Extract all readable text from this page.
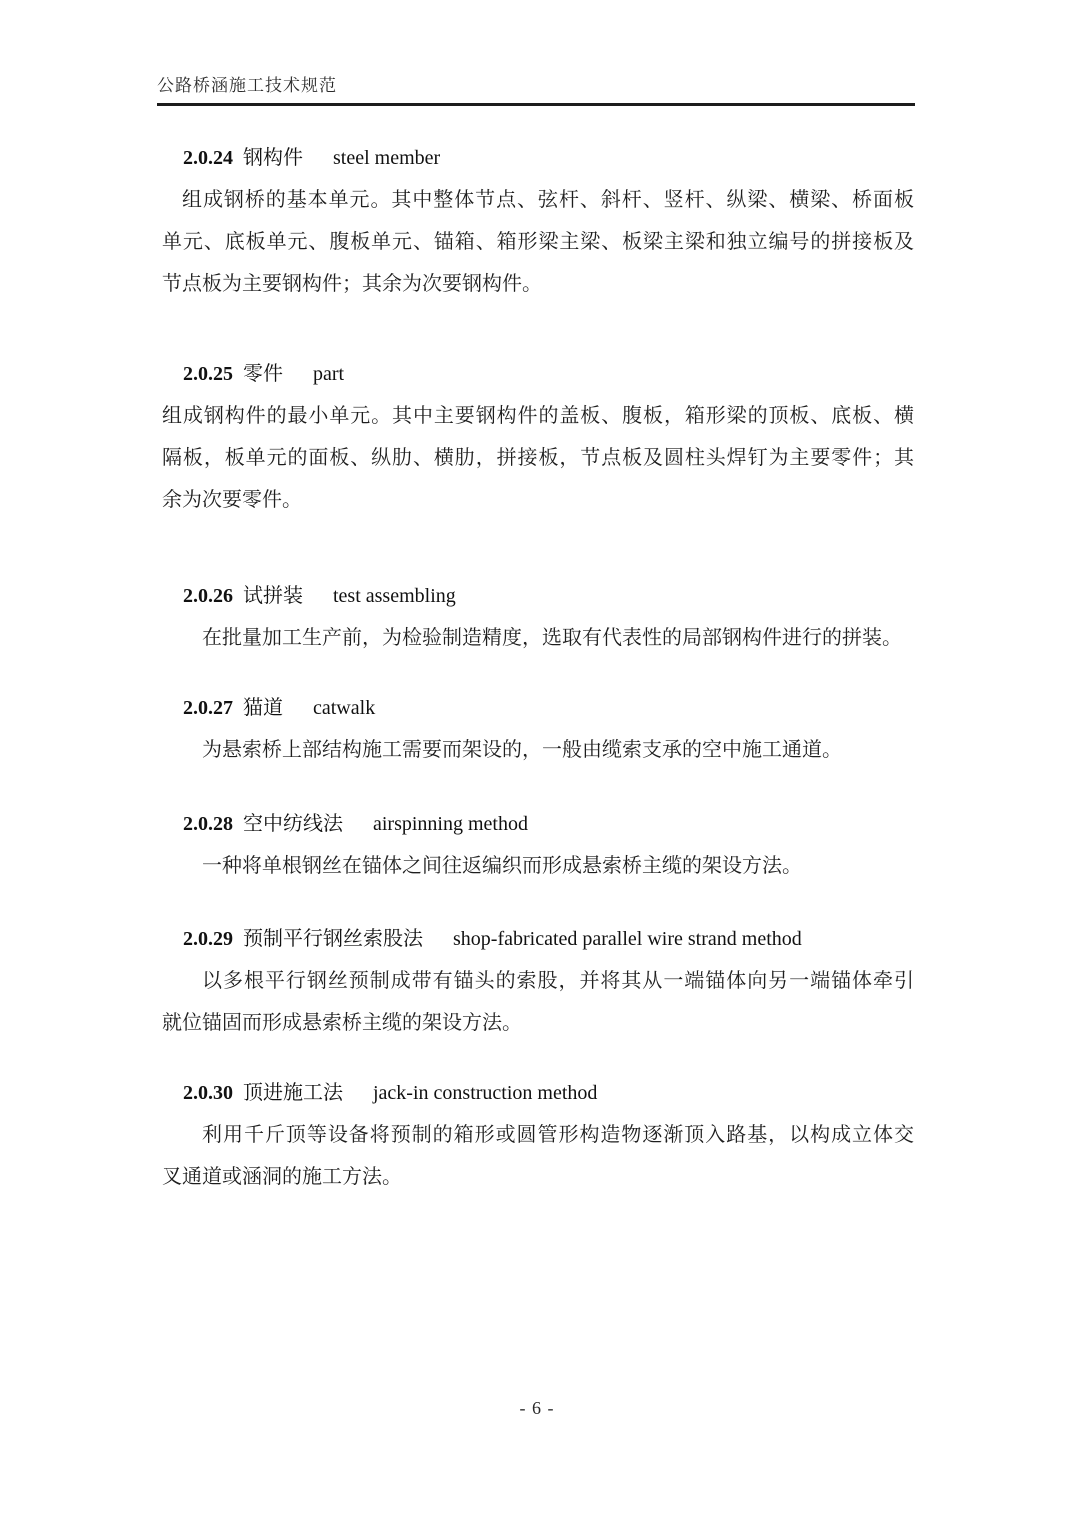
公路桥涵施工技术规范
2.0.24 钢构件 steel member
组成钢桥的基本单元。其中整体节点、弦杆、斜杆、竖杆、纵梁、横梁、桥面板
单元、底板单元、腹板单元、锚箱、箱形梁主梁、板梁主梁和独立编号的拼接板及
节点板为主要钢构件；其余为次要钢构件。
2.0.25 零件 part
组成钢构件的最小单元。其中主要钢构件的盖板、腹板，箱形梁的顶板、底板、横
隔板，板单元的面板、纵肋、横肋，拼接板，节点板及圆柱头焊钉为主要零件；其
余为次要零件。
2.0.26 试拼装 test assembling
在批量加工生产前，为检验制造精度，选取有代表性的局部钢构件进行的拼装。
2.0.27 猫道 catwalk
为悬索桥上部结构施工需要而架设的，一般由缆索支承的空中施工通道。
2.0.28 空中纺线法 airspinning method
一种将单根钢丝在锚体之间往返编织而形成悬索桥主缆的架设方法。
2.0.29 预制平行钢丝索股法 shop-fabricated parallel wire strand method
以多根平行钢丝预制成带有锚头的索股，并将其从一端锚体向另一端锚体牵引
就位锚固而形成悬索桥主缆的架设方法。
2.0.30 顶进施工法 jack-in construction method
利用千斤顶等设备将预制的箱形或圆管形构造物逐渐顶入路基，以构成立体交
叉通道或涵洞的施工方法。
- 6 -
